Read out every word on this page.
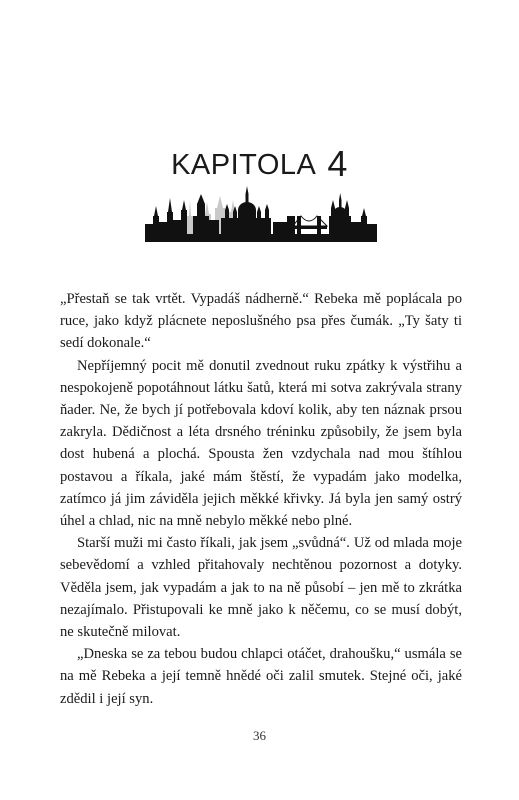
KAPITOLA 4

„Přestaň se tak vrtět. Vypadáš nádherně.“ Rebeka mě poplácala po ruce, jako když plácnete neposlušného psa přes čumák. „Ty šaty ti sedí dokonale.“

Nepříjemný pocit mě donutil zvednout ruku zpátky k výstřihu a nespokojeně popotáhnout látku šatů, která mi sotva zakrývala strany ňader. Ne, že bych jí potřebovala kdoví kolik, aby ten náznak prsou zakryla. Dědičnost a léta drsného tréninku způsobily, že jsem byla dost hubená a plochá. Spousta žen vzdychala nad mou štíhlou postavou a říkala, jaké mám štěstí, že vypadám jako modelka, zatímco já jim záviděla jejich měkké křivky. Já byla jen samý ostrý úhel a chlad, nic na mně nebylo měkké nebo plné.

Starší muži mi často říkali, jak jsem „svůdná“. Už od mlada moje sebevědomí a vzhled přitahovaly nechtěnou pozornost a dotyky. Věděla jsem, jak vypadám a jak to na ně působí – jen mě to zkrátka nezajímalo. Přistupovali ke mně jako k něčemu, co se musí dobýt, ne skutečně milovat.

„Dneska se za tebou budou chlapci otáčet, drahoušku,“ usmála se na mě Rebeka a její temně hnědé oči zalil smutek. Stejné oči, jaké zdědil i její syn.

36
